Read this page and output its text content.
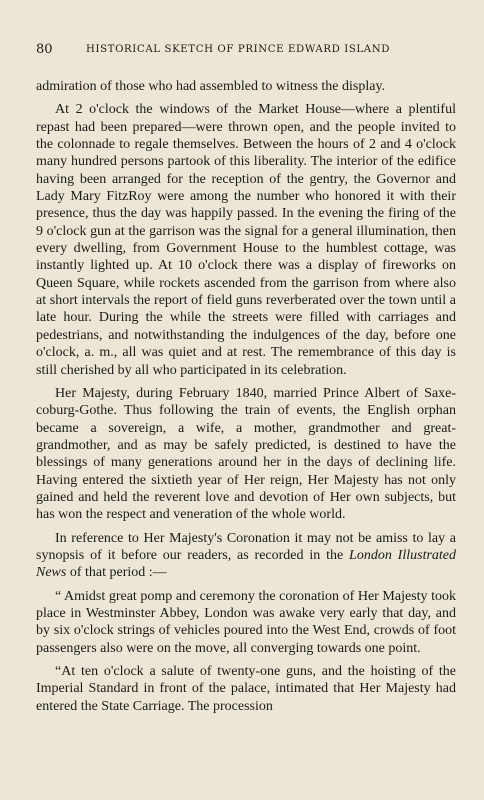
80	HISTORICAL SKETCH OF PRINCE EDWARD ISLAND

admiration of those who had assembled to witness the display.

At 2 o'clock the windows of the Market House—where a plentiful repast had been prepared—were thrown open, and the people invited to the colonnade to regale themselves. Between the hours of 2 and 4 o'clock many hundred persons partook of this liberality. The interior of the edifice having been arranged for the reception of the gentry, the Governor and Lady Mary FitzRoy were among the number who honored it with their presence, thus the day was happily passed. In the evening the firing of the 9 o'clock gun at the garrison was the signal for a general illumination, then every dwelling, from Government House to the humblest cottage, was instantly lighted up. At 10 o'clock there was a display of fireworks on Queen Square, while rockets ascended from the garrison from where also at short intervals the report of field guns reverberated over the town until a late hour. During the while the streets were filled with carriages and pedestrians, and notwithstanding the indulgences of the day, before one o'clock, a. m., all was quiet and at rest. The remembrance of this day is still cherished by all who participated in its celebration.

Her Majesty, during February 1840, married Prince Albert of Saxe-coburg-Gothe. Thus following the train of events, the English orphan became a sovereign, a wife, a mother, grandmother and great-grandmother, and as may be safely predicted, is destined to have the blessings of many generations around her in the days of declining life. Having entered the sixtieth year of Her reign, Her Majesty has not only gained and held the reverent love and devotion of Her own subjects, but has won the respect and veneration of the whole world.

In reference to Her Majesty's Coronation it may not be amiss to lay a synopsis of it before our readers, as recorded in the London Illustrated News of that period :—

“ Amidst great pomp and ceremony the coronation of Her Majesty took place in Westminster Abbey, London was awake very early that day, and by six o'clock strings of vehicles poured into the West End, crowds of foot passengers also were on the move, all converging towards one point.

“At ten o'clock a salute of twenty-one guns, and the hoisting of the Imperial Standard in front of the palace, intimated that Her Majesty had entered the State Carriage. The procession
